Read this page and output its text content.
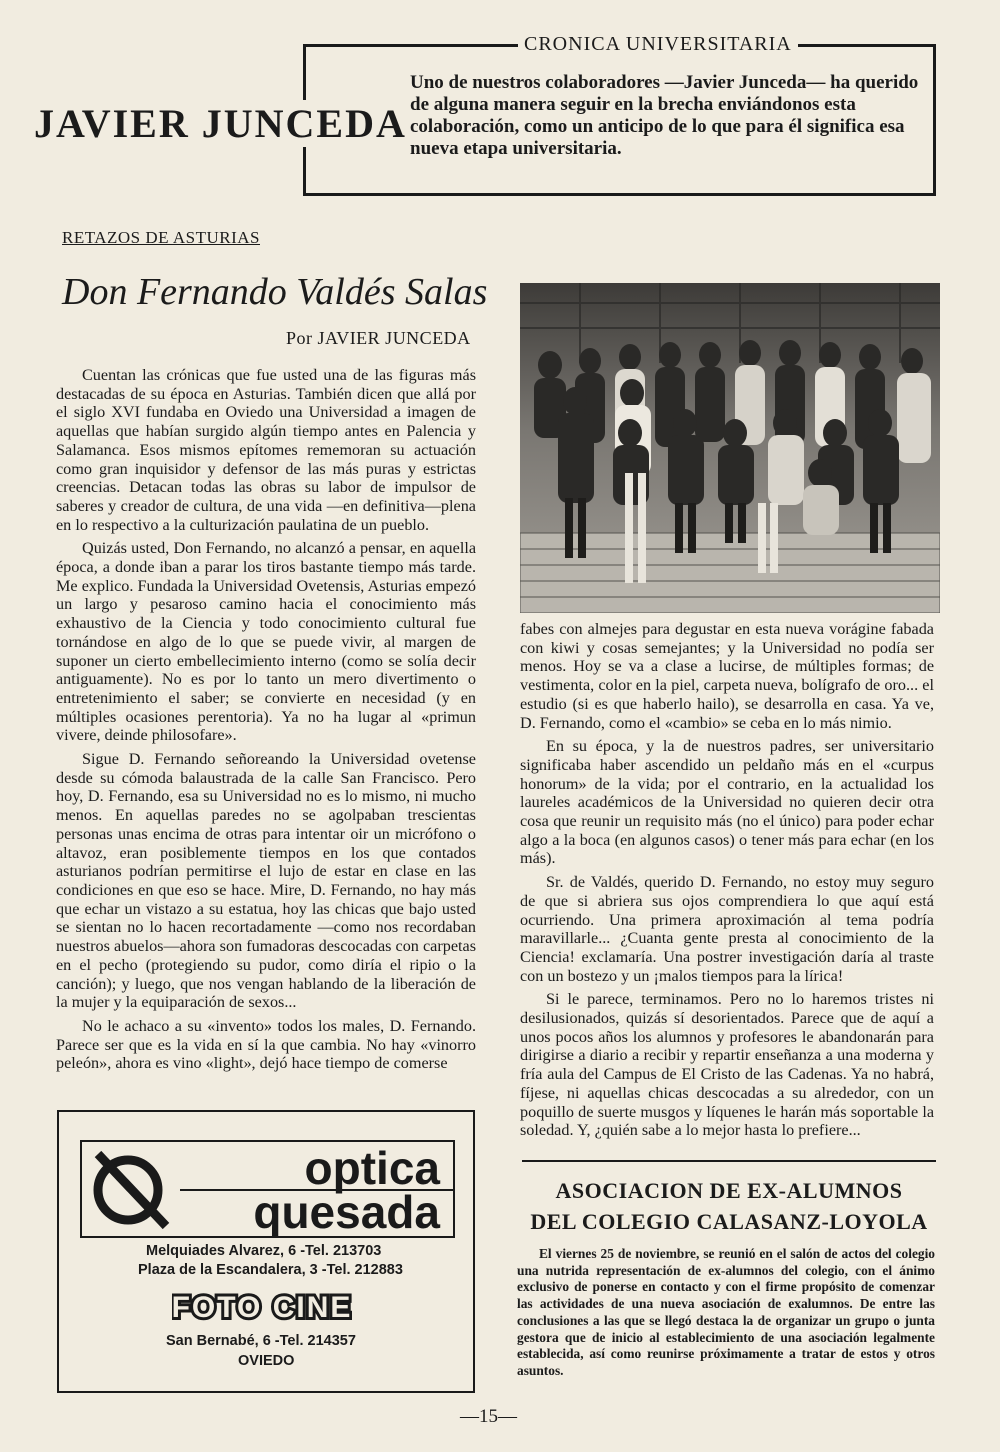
CRONICA UNIVERSITARIA
JAVIER JUNCEDA
Uno de nuestros colaboradores —Javier Junceda— ha querido de alguna manera seguir en la brecha enviándonos esta colaboración, como un anticipo de lo que para él significa esa nueva etapa universitaria.
RETAZOS DE ASTURIAS
Don Fernando Valdés Salas
Por JAVIER JUNCEDA

Cuentan las crónicas que fue usted una de las figuras más destacadas de su época en Asturias. También dicen que allá por el siglo XVI fundaba en Oviedo una Universidad a imagen de aquellas que habían surgido algún tiempo antes en Palencia y Salamanca. Esos mismos epítomes rememoran su actuación como gran inquisidor y defensor de las más puras y estrictas creencias. Detacan todas las obras su labor de impulsor de saberes y creador de cultura, de una vida —en definitiva—plena en lo respectivo a la culturización paulatina de un pueblo.

Quizás usted, Don Fernando, no alcanzó a pensar, en aquella época, a donde iban a parar los tiros bastante tiempo más tarde. Me explico. Fundada la Universidad Ovetensis, Asturias empezó un largo y pesaroso camino hacia el conocimiento más exhaustivo de la Ciencia y todo conocimiento cultural fue tornándose en algo de lo que se puede vivir, al margen de suponer un cierto embellecimiento interno (como se solía decir antiguamente). No es por lo tanto un mero divertimento o entretenimiento el saber; se convierte en necesidad (y en múltiples ocasiones perentoria). Ya no ha lugar al «primun vivere, deinde philosofare».

Sigue D. Fernando señoreando la Universidad ovetense desde su cómoda balaustrada de la calle San Francisco. Pero hoy, D. Fernando, esa su Universidad no es lo mismo, ni mucho menos. En aquellas paredes no se agolpaban trescientas personas unas encima de otras para intentar oir un micrófono o altavoz, eran posiblemente tiempos en los que contados asturianos podrían permitirse el lujo de estar en clase en las condiciones en que eso se hace. Mire, D. Fernando, no hay más que echar un vistazo a su estatua, hoy las chicas que bajo usted se sientan no lo hacen recortadamente —como nos recordaban nuestros abuelos—ahora son fumadoras descocadas con carpetas en el pecho (protegiendo su pudor, como diría el ripio o la canción); y luego, que nos vengan hablando de la liberación de la mujer y la equiparación de sexos...

No le achaco a su «invento» todos los males, D. Fernando. Parece ser que es la vida en sí la que cambia. No hay «vinorro peleón», ahora es vino «light», dejó hace tiempo de comerse

fabes con almejes para degustar en esta nueva vorágine fabada con kiwi y cosas semejantes; y la Universidad no podía ser menos. Hoy se va a clase a lucirse, de múltiples formas; de vestimenta, color en la piel, carpeta nueva, bolígrafo de oro... el estudio (si es que haberlo hailo), se desarrolla en casa. Ya ve, D. Fernando, como el «cambio» se ceba en lo más nimio.

En su época, y la de nuestros padres, ser universitario significaba haber ascendido un peldaño más en el «curpus honorum» de la vida; por el contrario, en la actualidad los laureles académicos de la Universidad no quieren decir otra cosa que reunir un requisito más (no el único) para poder echar algo a la boca (en algunos casos) o tener más para echar (en los más).

Sr. de Valdés, querido D. Fernando, no estoy muy seguro de que si abriera sus ojos comprendiera lo que aquí está ocurriendo. Una primera aproximación al tema podría maravillarle... ¿Cuanta gente presta al conocimiento de la Ciencia! exclamaría. Una postrer investigación daría al traste con un bostezo y un ¡malos tiempos para la lírica!

Si le parece, terminamos. Pero no lo haremos tristes ni desilusionados, quizás sí desorientados. Parece que de aquí a unos pocos años los alumnos y profesores le abandonarán para dirigirse a diario a recibir y repartir enseñanza a una moderna y fría aula del Campus de El Cristo de las Cadenas. Ya no habrá, fíjese, ni aquellas chicas descocadas a su alrededor, con un poquillo de suerte musgos y líquenes le harán más soportable la soledad. Y, ¿quién sabe a lo mejor hasta lo prefiere...

optica
quesada
Melquiades Alvarez, 6 -Tel. 213703
Plaza de la Escandalera, 3 -Tel. 212883
FOTO CINE
San Bernabé, 6 -Tel. 214357
OVIEDO
ASOCIACION DE EX-ALUMNOS
DEL COLEGIO CALASANZ-LOYOLA

El viernes 25 de noviembre, se reunió en el salón de actos del colegio una nutrida representación de ex-alumnos del colegio, con el ánimo exclusivo de ponerse en contacto y con el firme propósito de comenzar las actividades de una nueva asociación de exalumnos. De entre las conclusiones a las que se llegó destaca la de organizar un grupo o junta gestora que de inicio al establecimiento de una asociación legalmente establecida, así como reunirse próximamente a tratar de estos y otros asuntos.

—15—
